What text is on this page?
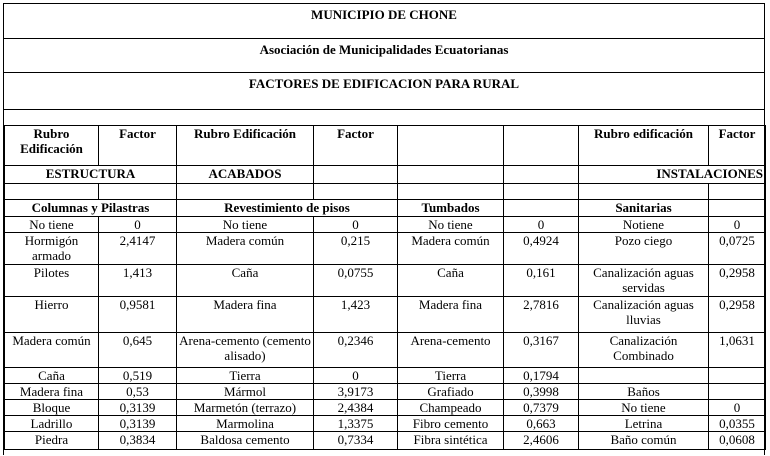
MUNICIPIO DE CHONE
Asociación de Municipalidades Ecuatorianas
FACTORES DE EDIFICACION PARA RURAL
Rubro Edificación	Factor	Rubro Edificación	Factor			Rubro edificación	Factor
ESTRUCTURA		ACABADOS				INSTALACIONES	

Columnas y Pilastras		Revestimiento de pisos		Tumbados		Sanitarias	
No tiene	0	No tiene	0	No tiene	0	Notiene	0
Hormigón armado	2,4147	Madera común	0,215	Madera común	0,4924	Pozo ciego	0,0725
Pilotes	1,413	Caña	0,0755	Caña	0,161	Canalización aguas servidas	0,2958
Hierro	0,9581	Madera fina	1,423	Madera fina	2,7816	Canalización aguas lluvias	0,2958
Madera común	0,645	Arena-cemento (cemento alisado)	0,2346	Arena-cemento	0,3167	Canalización Combinado	1,0631
Caña	0,519	Tierra	0	Tierra	0,1794		
Madera fina	0,53	Mármol	3,9173	Grafiado	0,3998	Baños	
Bloque	0,3139	Marmetón (terrazo)	2,4384	Champeado	0,7379	No tiene	0
Ladrillo	0,3139	Marmolina	1,3375	Fibro cemento	0,663	Letrina	0,0355
Piedra	0,3834	Baldosa cemento	0,7334	Fibra sintética	2,4606	Baño común	0,0608
